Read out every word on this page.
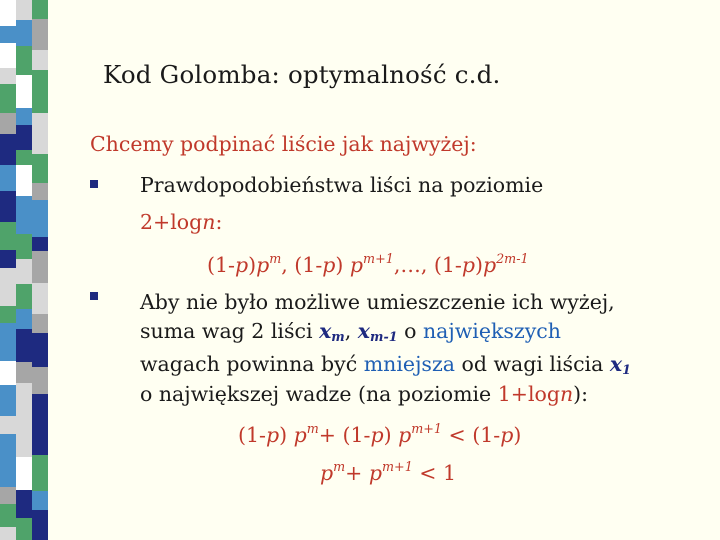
Kod Golomba: optymalność c.d.
Chcemy podpinać liście jak najwyżej:
Prawdopodobieństwa liści na poziomie
2+logn:
$(1-p)p^m$, (1-p) $p^{m+1},\dots$, $(1-p)p^{2m-1}$
Aby nie było możliwe umieszczenie ich wyżej,
suma wag 2 liści $x_m$, $x_{m-1}$ o największych
wagach powinna być mniejsza od wagi liścia $x_1$
o największej wadze (na poziomie 1+logn):
(1-p) $p^m+ (1-p) p^{m+1} < (1-p)$
$p^m+ p^{m+1} < 1$
